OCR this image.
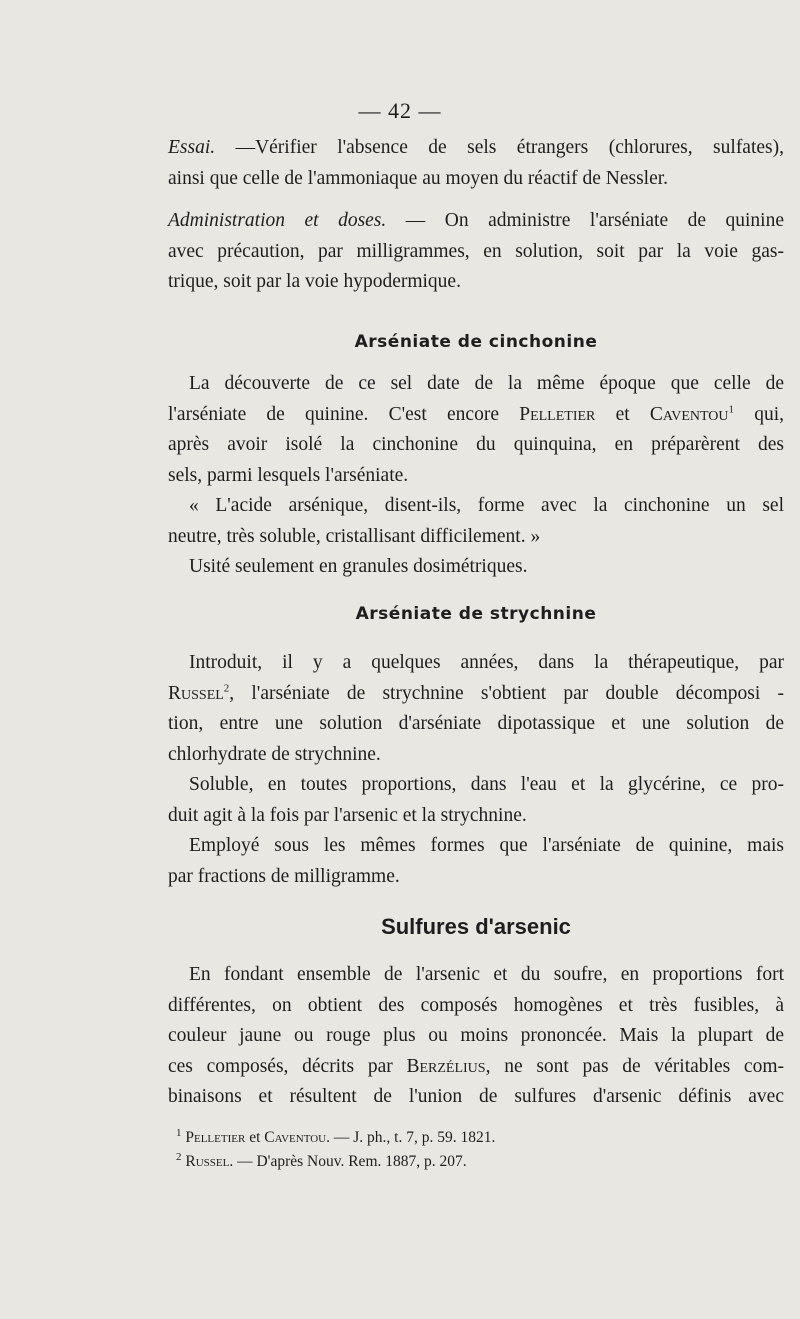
— 42 —
Essai. —Vérifier l'absence de sels étrangers (chlorures, sulfates),
ainsi que celle de l'ammoniaque au moyen du réactif de Nessler.
Administration et doses. — On administre l'arséniate de quinine
avec précaution, par milligrammes, en solution, soit par la voie gas-
trique, soit par la voie hypodermique.
Arséniate de cinchonine
La découverte de ce sel date de la même époque que celle de
l'arséniate de quinine. C'est encore Pelletier et Caventou$^1$ qui,
après avoir isolé la cinchonine du quinquina, en préparèrent des
sels, parmi lesquels l'arséniate.
« L'acide arsénique, disent-ils, forme avec la cinchonine un sel
neutre, très soluble, cristallisant difficilement. »
Usité seulement en granules dosimétriques.
Arséniate de strychnine
Introduit, il y a quelques années, dans la thérapeutique, par
Russel$^2$, l'arséniate de strychnine s'obtient par double décomposi -
tion, entre une solution d'arséniate dipotassique et une solution de
chlorhydrate de strychnine.
Soluble, en toutes proportions, dans l'eau et la glycérine, ce pro-
duit agit à la fois par l'arsenic et la strychnine.
Employé sous les mêmes formes que l'arséniate de quinine, mais
par fractions de milligramme.
Sulfures d'arsenic
En fondant ensemble de l'arsenic et du soufre, en proportions fort
différentes, on obtient des composés homogènes et très fusibles, à
couleur jaune ou rouge plus ou moins prononcée. Mais la plupart de
ces composés, décrits par Berzélius, ne sont pas de véritables com-
binaisons et résultent de l'union de sulfures d'arsenic définis avec
$^1$ Pelletier et Caventou. — J. ph., t. 7, p. 59. 1821.
$^2$ Russel. — D'après Nouv. Rem. 1887, p. 207.
